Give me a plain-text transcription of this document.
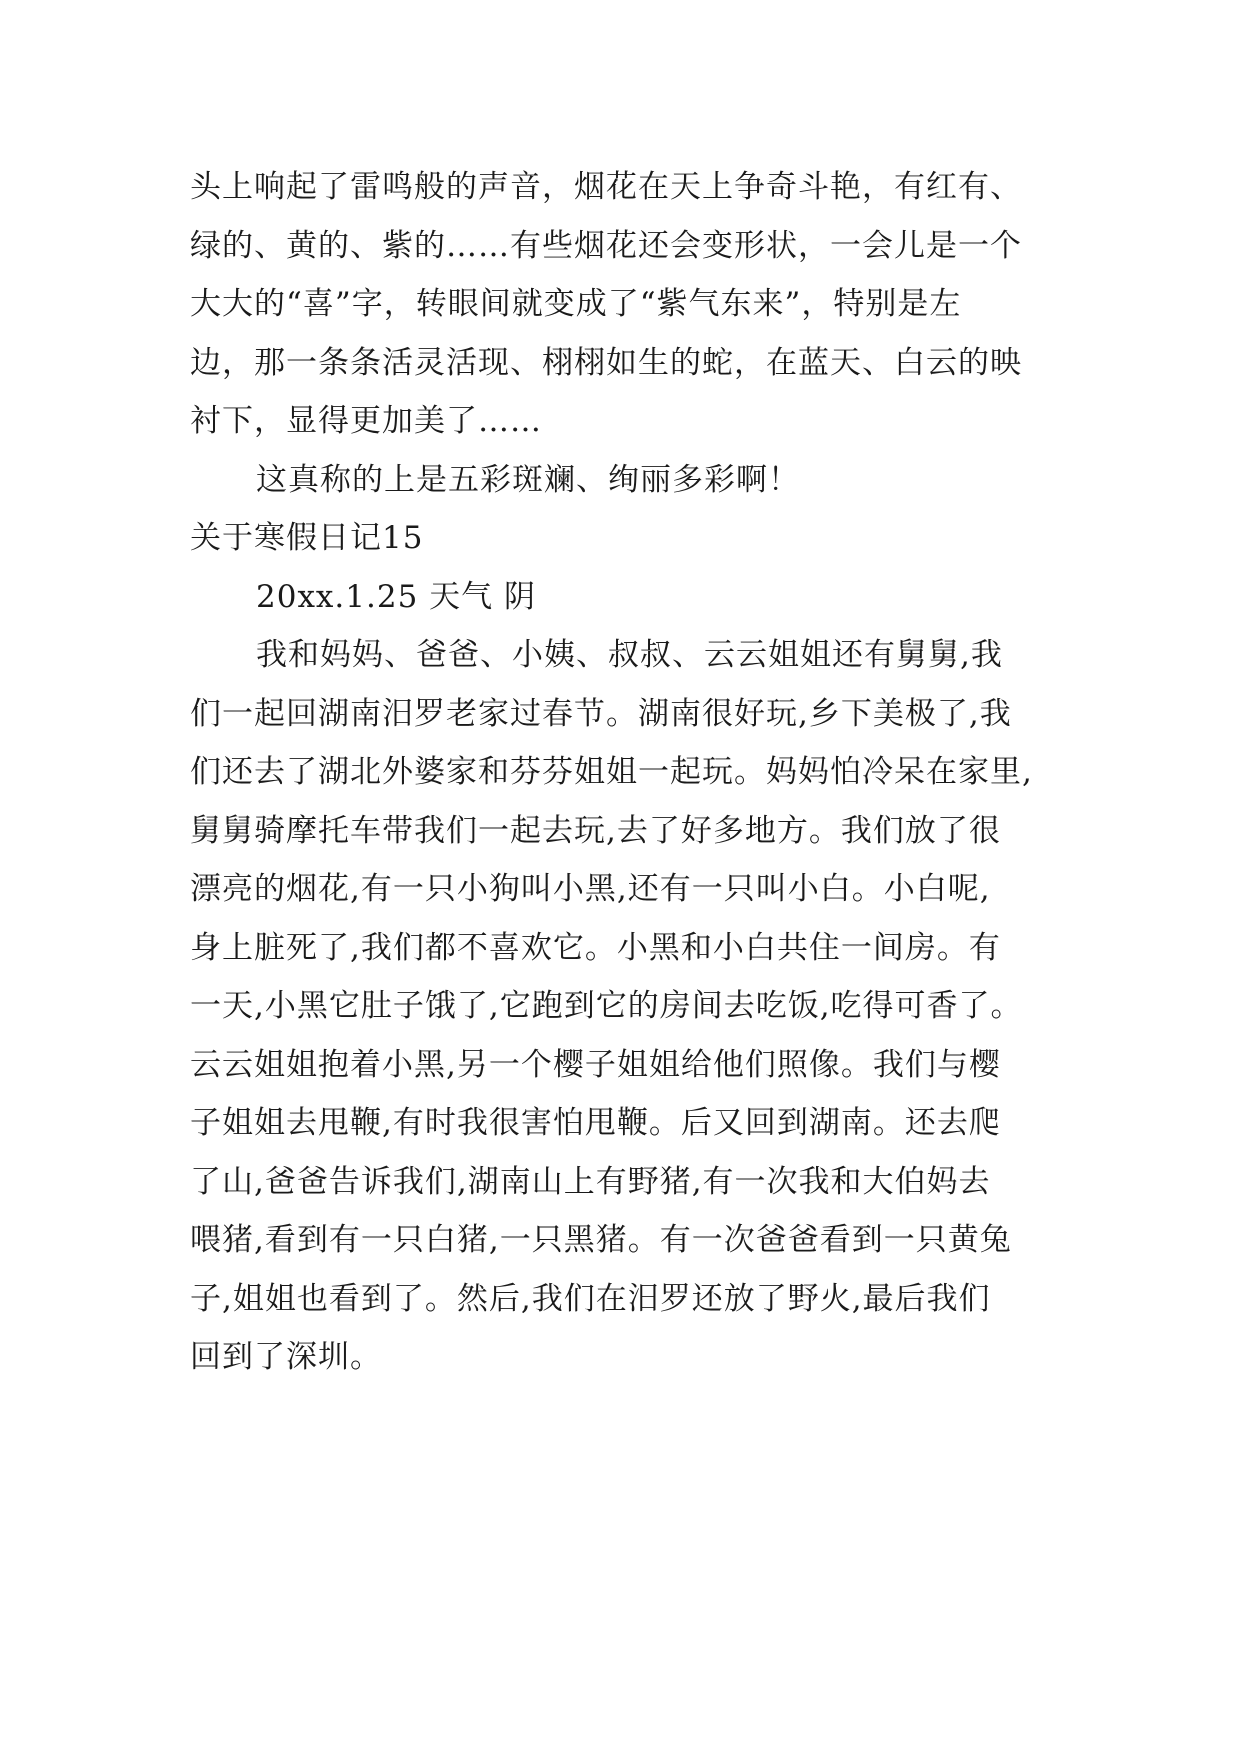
头上响起了雷鸣般的声音，烟花在天上争奇斗艳，有红有、
绿的、黄的、紫的……有些烟花还会变形状，一会儿是一个
大大的“喜”字，转眼间就变成了“紫气东来”，特别是左
边，那一条条活灵活现、栩栩如生的蛇，在蓝天、白云的映
衬下，显得更加美了……
这真称的上是五彩斑斓、绚丽多彩啊！
关于寒假日记15
20xx.1.25 天气 阴
我和妈妈、爸爸、小姨、叔叔、云云姐姐还有舅舅,我
们一起回湖南汨罗老家过春节。湖南很好玩,乡下美极了,我
们还去了湖北外婆家和芬芬姐姐一起玩。妈妈怕冷呆在家里,
舅舅骑摩托车带我们一起去玩,去了好多地方。我们放了很
漂亮的烟花,有一只小狗叫小黑,还有一只叫小白。小白呢,
身上脏死了,我们都不喜欢它。小黑和小白共住一间房。有
一天,小黑它肚子饿了,它跑到它的房间去吃饭,吃得可香了。
云云姐姐抱着小黑,另一个樱子姐姐给他们照像。我们与樱
子姐姐去甩鞭,有时我很害怕甩鞭。后又回到湖南。还去爬
了山,爸爸告诉我们,湖南山上有野猪,有一次我和大伯妈去
喂猪,看到有一只白猪,一只黑猪。有一次爸爸看到一只黄兔
子,姐姐也看到了。然后,我们在汨罗还放了野火,最后我们
回到了深圳。
